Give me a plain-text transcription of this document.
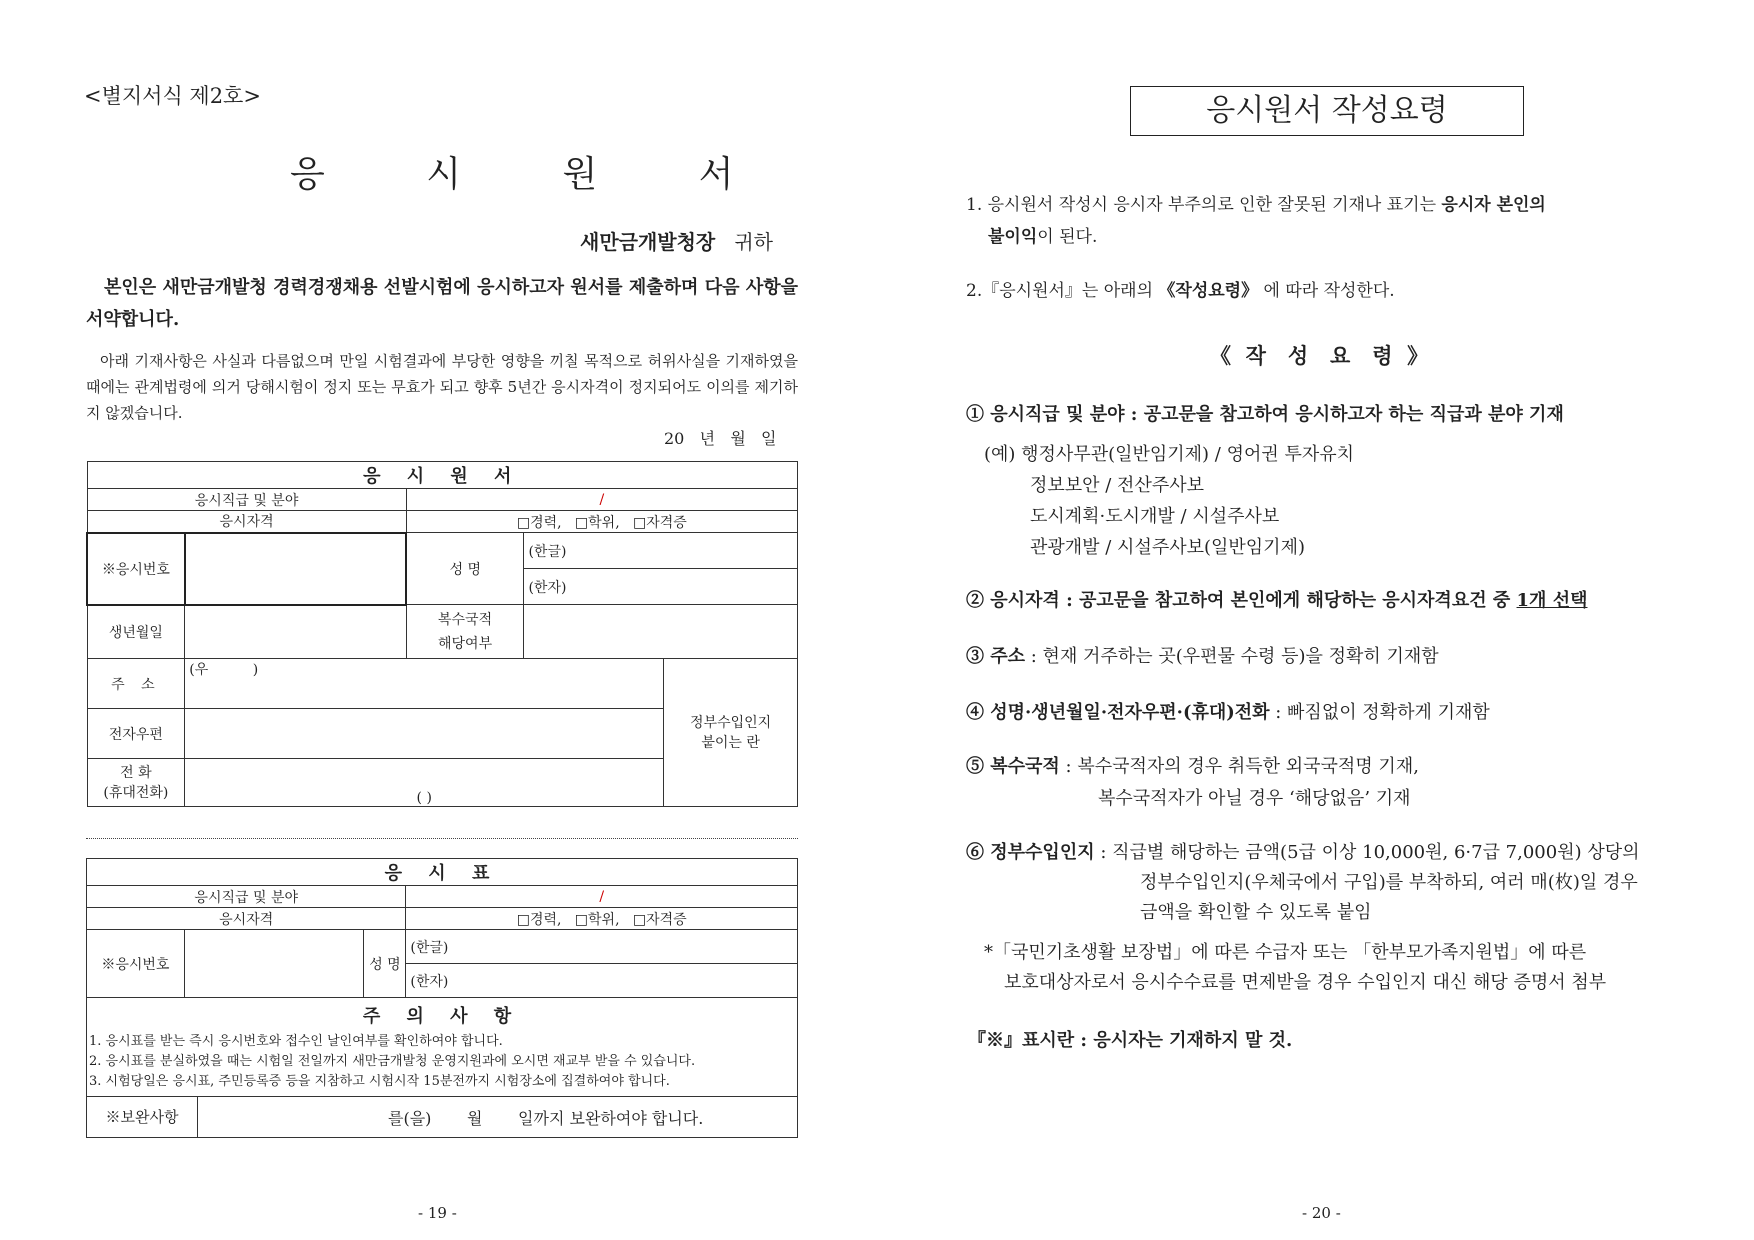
<별지서식 제2호>
응 시 원 서
새만금개발청장 귀하
본인은 새만금개발청 경력경쟁채용 선발시험에 응시하고자 원서를 제출하며 다음 사항을 서약합니다.
아래 기재사항은 사실과 다름없으며 만일 시험결과에 부당한 영향을 끼칠 목적으로 허위사실을 기재하였을 때에는 관계법령에 의거 당해시험이 정지 또는 무효가 되고 향후 5년간 응시자격이 정지되어도 이의를 제기하지 않겠습니다.
20   년   월   일
응 시 원 서				
응시직급 및 분야		/		
응시자격		□경력,   □학위,   □자격증		
※응시번호		성 명	(한글)	
			(한자)	
생년월일		복수국적
해당여부		

주 소	(우          )			정부수입인지
붙이는 란

전자우편				

전 화
(휴대전화)	( )			
응 시 표			
응시직급 및 분야			/
응시자격			□경력,   □학위,   □자격증
※응시번호		성 명	(한글)
			(한자)

주 의 사 항
1. 응시표를 받는 즉시 응시번호와 접수인 날인여부를 확인하여야 합니다.
2. 응시표를 분실하였을 때는 시험일 전일까지 새만금개발청 운영지원과에 오시면 재교부 받을 수 있습니다.
3. 시험당일은 응시표, 주민등록증 등을 지참하고 시험시작 15분전까지 시험장소에 집결하여야 합니다.			

※보완사항 를(을)       월       일까지 보완하여야 합니다.			
- 19 -
응시원서 작성요령
1. 응시원서 작성시 응시자 부주의로 인한 잘못된 기재나 표기는 응시자 본인의
불이익이 된다.
2.『응시원서』는 아래의 《작성요령》 에 따라 작성한다.
《  작   성   요   령  》
① 응시직급 및 분야 : 공고문을 참고하여 응시하고자 하는 직급과 분야 기재
(예) 행정사무관(일반임기제) / 영어권 투자유치
정보보안 / 전산주사보
도시계획·도시개발 / 시설주사보
관광개발 / 시설주사보(일반임기제)
② 응시자격 : 공고문을 참고하여 본인에게 해당하는 응시자격요건 중 1개 선택
③ 주소 : 현재 거주하는 곳(우편물 수령 등)을 정확히 기재함
④ 성명·생년월일·전자우편·(휴대)전화 : 빠짐없이 정확하게 기재함
⑤ 복수국적 : 복수국적자의 경우 취득한 외국국적명 기재,
복수국적자가 아닐 경우 ‘해당없음’ 기재
⑥ 정부수입인지 : 직급별 해당하는 금액(5급 이상 10,000원, 6·7급 7,000원) 상당의
정부수입인지(우체국에서 구입)를 부착하되, 여러 매(枚)일 경우
금액을 확인할 수 있도록 붙임
*「국민기초생활 보장법」에 따른 수급자 또는 「한부모가족지원법」에 따른
보호대상자로서 응시수수료를 면제받을 경우 수입인지 대신 해당 증명서 첨부
『※』표시란 : 응시자는 기재하지 말 것.
- 20 -
